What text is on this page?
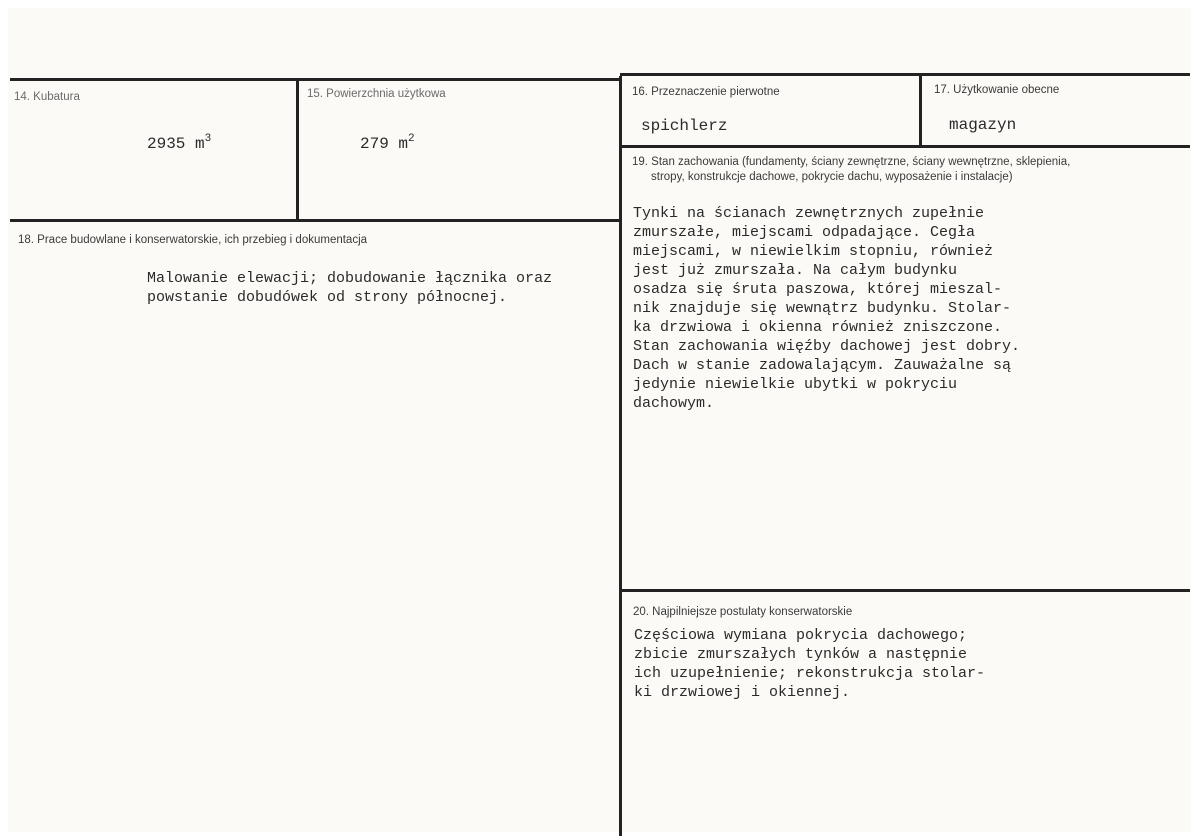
14. Kubatura
2935 $m^3$
15. Powierzchnia użytkowa
279 $m^2$
16. Przeznaczenie pierwotne
spichlerz
17. Użytkowanie obecne
magazyn
18. Prace budowlane i konserwatorskie, ich przebieg i dokumentacja
Malowanie elewacji; dobudowanie łącznika oraz
powstanie dobudówek od strony północnej.
19. Stan zachowania (fundamenty, ściany zewnętrzne, ściany wewnętrzne, sklepienia,
stropy, konstrukcje dachowe, pokrycie dachu, wyposażenie i instalacje)
Tynki na ścianach zewnętrznych zupełnie
zmurszałe, miejscami odpadające. Cegła
miejscami, w niewielkim stopniu, również
jest już zmurszała. Na całym budynku
osadza się śruta paszowa, której mieszal-
nik znajduje się wewnątrz budynku. Stolar-
ka drzwiowa i okienna również zniszczone.
Stan zachowania więźby dachowej jest dobry.
Dach w stanie zadowalającym. Zauważalne są
jedynie niewielkie ubytki w pokryciu
dachowym.
20. Najpilniejsze postulaty konserwatorskie
Częściowa wymiana pokrycia dachowego;
zbicie zmurszałych tynków a następnie
ich uzupełnienie; rekonstrukcja stolar-
ki drzwiowej i okiennej.
